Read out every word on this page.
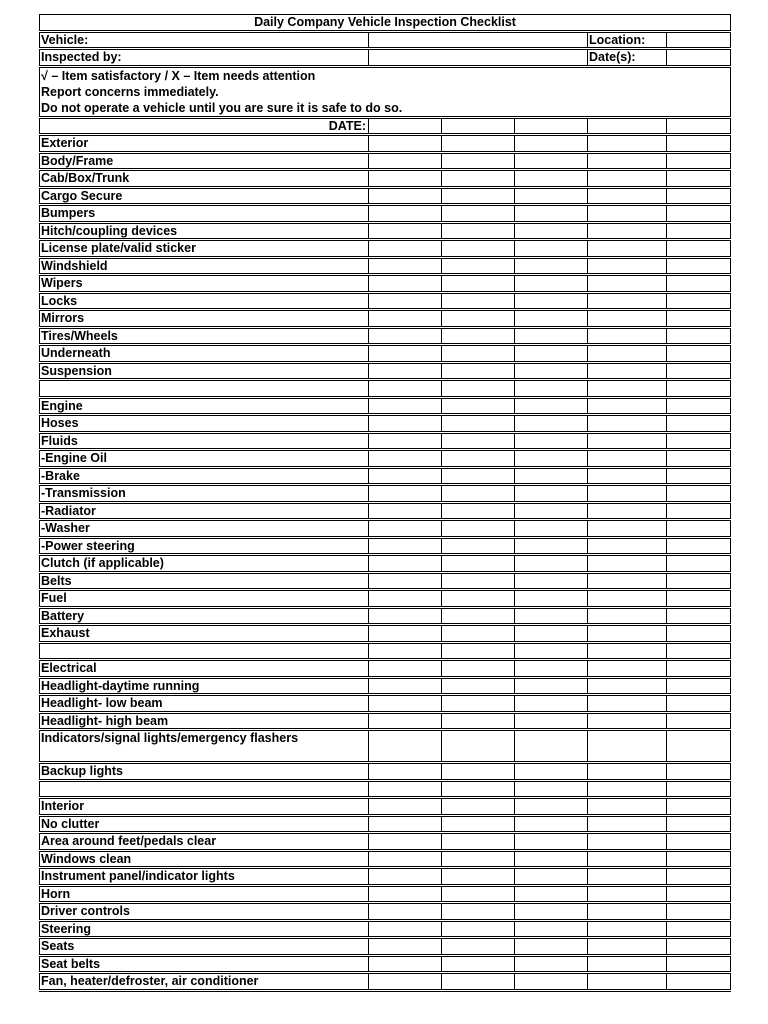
Daily Company Vehicle Inspection Checklist					
Vehicle:				Location:	
Inspected by:				Date(s):	
√ – Item satisfactory / X – Item needs attention					
Report concerns immediately.					
Do not operate a vehicle until you are sure it is safe to do so.					
DATE:					
Exterior					
Body/Frame					
Cab/Box/Trunk					
Cargo Secure					
Bumpers					
Hitch/coupling devices					
License plate/valid sticker					
Windshield					
Wipers					
Locks					
Mirrors					
Tires/Wheels					
Underneath					
Suspension					

Engine					
Hoses					
Fluids					
-Engine Oil					
-Brake					
-Transmission					
-Radiator					
-Washer					
-Power steering					
Clutch (if applicable)					
Belts					
Fuel					
Battery					
Exhaust					

Electrical					
Headlight-daytime running					
Headlight- low beam					
Headlight- high beam					
Indicators/signal lights/emergency flashers					
Backup lights					

Interior					
No clutter					
Area around feet/pedals clear					
Windows clean					
Instrument panel/indicator lights					
Horn					
Driver controls					
Steering					
Seats					
Seat belts					
Fan, heater/defroster, air conditioner					
